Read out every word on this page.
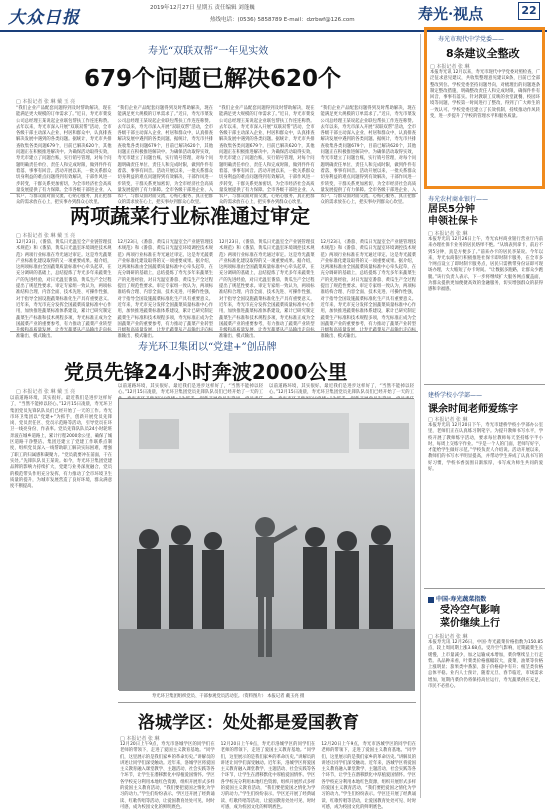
大众日报	2019年12月27日 星期五 责任编辑 刘蓬巍
热线电话：(0536) 5858789 E-mail：dzrbwf@126.com	寿光·视点	22
寿光“双联双帮”一年见实效
679个问题已解决620个
□ 本报记者 张 琳 戴 玉 亮
“我们企业产品配套问题得到及时帮助解决，现在能满足更大规模的订单需求了。”近日，寿光市菜发公司总经理王某说起企业联包帮扶工作连连称赞。去年以来，寿光市深入开展“双联双帮”活动，全市各级干部主动深入企业、村居和群众中，认真排查解决发展中遇到的各类问题。据统计，寿光市共排查收集各类问题679个，目前已解决620个，其他问题正在积极推进解决中。为确保活动取得实效，寿光市建立了问题台账，实行销号管理，对每个问题明确责任单位、责任人和完成时限，做到件件有着落、事事有回音。活动开展以来，一批关系群众切身利益的难点问题得到有效解决，干部作风进一步转变，干群关系更加密切，为全市经济社会高质量发展提供了有力保障。全市各级干部进企业、入农户，与群众面对面交流，心贴心服务，真正把群众的需求放在心上，把实事办到群众心坎里。
“我们企业产品配套问题得到及时帮助解决，现在能满足更大规模的订单需求了。”近日，寿光市菜发公司总经理王某说起企业联包帮扶工作连连称赞。去年以来，寿光市深入开展“双联双帮”活动，全市各级干部主动深入企业、村居和群众中，认真排查解决发展中遇到的各类问题。据统计，寿光市共排查收集各类问题679个，目前已解决620个，其他问题正在积极推进解决中。为确保活动取得实效，寿光市建立了问题台账，实行销号管理，对每个问题明确责任单位、责任人和完成时限，做到件件有着落、事事有回音。活动开展以来，一批关系群众切身利益的难点问题得到有效解决，干部作风进一步转变，干群关系更加密切，为全市经济社会高质量发展提供了有力保障。全市各级干部进企业、入农户，与群众面对面交流，心贴心服务，真正把群众的需求放在心上，把实事办到群众心坎里。
“我们企业产品配套问题得到及时帮助解决，现在能满足更大规模的订单需求了。”近日，寿光市菜发公司总经理王某说起企业联包帮扶工作连连称赞。去年以来，寿光市深入开展“双联双帮”活动，全市各级干部主动深入企业、村居和群众中，认真排查解决发展中遇到的各类问题。据统计，寿光市共排查收集各类问题679个，目前已解决620个，其他问题正在积极推进解决中。为确保活动取得实效，寿光市建立了问题台账，实行销号管理，对每个问题明确责任单位、责任人和完成时限，做到件件有着落、事事有回音。活动开展以来，一批关系群众切身利益的难点问题得到有效解决，干部作风进一步转变，干群关系更加密切，为全市经济社会高质量发展提供了有力保障。全市各级干部进企业、入农户，与群众面对面交流，心贴心服务，真正把群众的需求放在心上，把实事办到群众心坎里。
“我们企业产品配套问题得到及时帮助解决，现在能满足更大规模的订单需求了。”近日，寿光市菜发公司总经理王某说起企业联包帮扶工作连连称赞。去年以来，寿光市深入开展“双联双帮”活动，全市各级干部主动深入企业、村居和群众中，认真排查解决发展中遇到的各类问题。据统计，寿光市共排查收集各类问题679个，目前已解决620个，其他问题正在积极推进解决中。为确保活动取得实效，寿光市建立了问题台账，实行销号管理，对每个问题明确责任单位、责任人和完成时限，做到件件有着落、事事有回音。活动开展以来，一批关系群众切身利益的难点问题得到有效解决，干部作风进一步转变，干群关系更加密切，为全市经济社会高质量发展提供了有力保障。全市各级干部进企业、入农户，与群众面对面交流，心贴心服务，真正把群众的需求放在心上，把实事办到群众心坎里。
两项蔬菜行业标准通过审定
□ 本报记者 张 琳 戴 玉 亮
12月23日，《番茄、黄瓜日光温室全产业链管理技术规范》和《番茄、黄瓜日光温室环境调控技术规范》两项行业标准在寿光通过审定。这是寿光蔬菜产业标准化建设取得的又一项重要成果。据介绍，这两项标准由全国蔬菜质量标准中心牵头起草，在充分调研的基础上，总结提炼了寿光多年来蔬菜生产的先进经验，对日光温室番茄、黄瓜生产全过程提出了规范性要求。审定专家组一致认为，两项标准结构合理、内容全面、技术先进、可操作性强，对于指导全国设施蔬菜标准化生产具有重要意义。近年来，寿光市充分发挥全国蔬菜质量标准中心作用，加快推进蔬菜标准体系建设，累计已研究制定蔬菜生产标准和技术规程多项，寿光标准正成为全国蔬菜产业的重要参考，有力推动了蔬菜产业转型 准输出、模式输出。
12月23日，《番茄、黄瓜日光温室全产业链管理技术规范》和《番茄、黄瓜日光温室环境调控技术规范》两项行业标准在寿光通过审定。这是寿光蔬菜产业标准化建设取得的又一项重要成果。据介绍，这两项标准由全国蔬菜质量标准中心牵头起草，在充分调研的基础上，总结提炼了寿光多年来蔬菜生产的先进经验，对日光温室番茄、黄瓜生产全过程提出了规范性要求。审定专家组一致认为，两项标准结构合理、内容全面、技术先进、可操作性强，对于指导全国设施蔬菜标准化生产具有重要意义。近年来，寿光市充分发挥全国蔬菜质量标准中心作用，加快推进蔬菜标准体系建设，累计已研究制定蔬菜生产标准和技术规程多项，寿光标准正成为全国蔬菜产业的重要参考，有力推动了蔬菜产业转型 准输出、模式输出。
12月23日，《番茄、黄瓜日光温室全产业链管理技术规范》和《番茄、黄瓜日光温室环境调控技术规范》两项行业标准在寿光通过审定。这是寿光蔬菜产业标准化建设取得的又一项重要成果。据介绍，这两项标准由全国蔬菜质量标准中心牵头起草，在充分调研的基础上，总结提炼了寿光多年来蔬菜生产的先进经验，对日光温室番茄、黄瓜生产全过程提出了规范性要求。审定专家组一致认为，两项标准结构合理、内容全面、技术先进、可操作性强，对于指导全国设施蔬菜标准化生产具有重要意义。近年来，寿光市充分发挥全国蔬菜质量标准中心作用，加快推进蔬菜标准体系建设，累计已研究制定蔬菜生产标准和技术规程多项，寿光标准正成为全国蔬菜产业的重要参考，有力推动了蔬菜产业转型 准输出、模式输出。
12月23日，《番茄、黄瓜日光温室全产业链管理技术规范》和《番茄、黄瓜日光温室环境调控技术规范》两项行业标准在寿光通过审定。这是寿光蔬菜产业标准化建设取得的又一项重要成果。据介绍，这两项标准由全国蔬菜质量标准中心牵头起草，在充分调研的基础上，总结提炼了寿光多年来蔬菜生产的先进经验，对日光温室番茄、黄瓜生产全过程提出了规范性要求。审定专家组一致认为，两项标准结构合理、内容全面、技术先进、可操作性强，对于指导全国设施蔬菜标准化生产具有重要意义。近年来，寿光市充分发挥全国蔬菜质量标准中心作用，加快推进蔬菜标准体系建设，累计已研究制定蔬菜生产标准和技术规程多项，寿光标准正成为全国蔬菜产业的重要参考，有力推动了蔬菜产业转型 准输出、模式输出。
寿光环卫集团以“党建+”创品牌
党员先锋24小时奔波2000公里
□ 本报记者 张 琳 戴 玉 亮
以前道路环境，其实很好。最近我们是进步这样好了，“当然不能掉以轻心。”12月15日凌晨，寿光环卫集团党员先锋队队员们已经开始了一天的工作。寿光市环卫集团以“党建+”为抓手，创新开展党员先锋岗、党员责任区、党员示范路等活动，引导党员在环卫一线亮身份、作表率。党员先锋队队员24小时轮班奔波在城乡道路上，累计行程2000余公里，确保了城区道路干净整洁。集团还建立了党建工作联系点制度，组织党员深入一线帮助职工解决实际困难，增强了职工的归属感和凝聚力。“党员就要冲在前面，干在实处。”先锋队队员王某说。如今，寿光环卫集团党建品牌的影响力持续扩大，党建与业务深度融合，党员的模范带头作用充分发挥，有力推动了全市环境卫生质量的提升，为城市发展营造了良好环境，群众满意度不断提高。
以前道路环境，其实很好。最近我们是进步这样好了，“当然不能掉以轻心。”12月15日凌晨，寿光环卫集团党员先锋队队员们已经开始了一天的工
以前道路环境，其实很好。最近我们是进步这样好了，“当然不能掉以轻心。”12月15日凌晨，寿光环卫集团党员先锋队队员们已经开始了一天的工
寿光环卫集团组织党员、干部参观党员活动室。（资料图片） 本报记者 戴玉亮 摄
洛城学区：处处都是爱国教育
□ 本报记者 张 琳
12月20日上午9点，寿光市洛城学区的同学们在老师的带领下，走进了爱国主义教育基地。“同学们，这里展示的是我们家乡的革命历史。”讲解员的讲述让同学们深受触动。近年来，洛城学区将爱国主义教育融入课堂教学、主题活动、社会实践等各个环节，让学生在潜移默化中厚植爱国情怀。学区各学校充分利用本地红色资源，组织开展形式多样的爱国主义教育活动，“我们要把爱国之情化为学习的动力。”学生们纷纷表示。学区还开展了经典诵读、红歌传唱等活动，让爱国教育处处可见、时时可感，成为校园文化的鲜明底色。
12月20日上午9点，寿光市洛城学区的同学们在老师的带领下，走进了爱国主义教育基地。“同学们，这里展示的是我们家乡的革命历史。”讲解员的讲述让同学们深受触动。近年来，洛城学区将爱国主义教育融入课堂教学、主题活动、社会实践等各个环节，让学生在潜移默化中厚植爱国情怀。学区各学校充分利用本地红色资源，组织开展形式多样的爱国主义教育活动，“我们要把爱国之情化为学习的动力。”学生们纷纷表示。学区还开展了经典诵读、红歌传唱等活动，让爱国教育处处可见、时时可感，成为校园文化的鲜明底色。
12月20日上午9点，寿光市洛城学区的同学们在老师的带领下，走进了爱国主义教育基地。“同学们，这里展示的是我们家乡的革命历史。”讲解员的讲述让同学们深受触动。近年来，洛城学区将爱国主义教育融入课堂教学、主题活动、社会实践等各个环节，让学生在潜移默化中厚植爱国情怀。学区各学校充分利用本地红色资源，组织开展形式多样的爱国主义教育活动，“我们要把爱国之情化为学习的动力。”学生们纷纷表示。学区还开展了经典诵读、红歌传唱等活动，让爱国教育处处可见、时时可感，成为校园文化的鲜明底色。
寿光市现代中学党委——
8条建议全整改
□ 本报记者 张 琳
本报寿光讯 12月以来，寿光市现代中学党委对照检查，广泛征求意见建议，共收集整理意见建议8条，目前已全部整改到位。学校党委坚持问题导向，对梳理出的问题逐条制定整改措施，明确整改责任人和完成时限，确保件件有回音、事事有落实。针对教职工反映的食堂就餐、校园环境等问题，学校第一时间进行了整改，得到了广大师生的一致认可。学校党委还建立了长效机制，持续推动作风转变，进一步提升了学校的管理水平和服务质量。
寿光农村商业银行——
居民5分钟
申领社保卡
□ 本报记者 张 琳
本报寿光讯 12月26日上午，寿光农村商业银行营业厅内前来办理社保卡业务的居民络绎不绝。“从填表到拿卡，前后不到5分钟，真是方便多了。”前来办卡的居民李某说。今年以来，寿光农商银行积极推进社保卡即时制卡服务，在全市多个网点设立了即时制卡服务点，居民只需携带身份证即可现场办理，大大缩短了办卡时间。“让数据多跑路，让群众少跑腿。”该行负责人表示，下一步将继续扩大服务网点覆盖面，为群众提供更加便捷高效的金融服务，切实增强群众的获得感和幸福感。
建桥学校小学部——
课余时间老师爱练字
□ 本报记者 张 琳
本报寿光讯 12月20日下午，寿光市建桥学校小学部办公室里，老师们正在认真练习钢笔字。为提升教师书写水平，学校开展了教师练字活动，要求每位教师每天坚持练字半小时，每周上交练字作业。“字是一个人的门面，老师写好字，才能给学生做好示范。”学校负责人介绍说。活动开展以来，教师们的书写水平明显提高，并带动学生养成了认真书写的好习惯，学校书香氛围日渐浓厚，书写成为师生共同的爱好。
中国·寿光蔬菜指数
受冷空气影响
菜价继续上行
□ 本报记者 张 琳
本报寿光讯 12月26日，中国·寿光蔬菜价格指数为150.85点，较上周同期上涨3.68点。受冷空气影响，近期蔬菜生长缓慢，上市量减少，加之运输成本增加，菜价继续呈上行走势。从品种来看，叶菜类价格涨幅较大，菠菜、油菜等价格上涨明显；茄果类中番茄、茄子价格稳中有升；根茎类价格总体平稳。业内人士预计，随着元旦、春节临近，市场需求增加，短期内菜价仍将保持高位运行，寿光蔬菜供应充足，市民不必担心。
